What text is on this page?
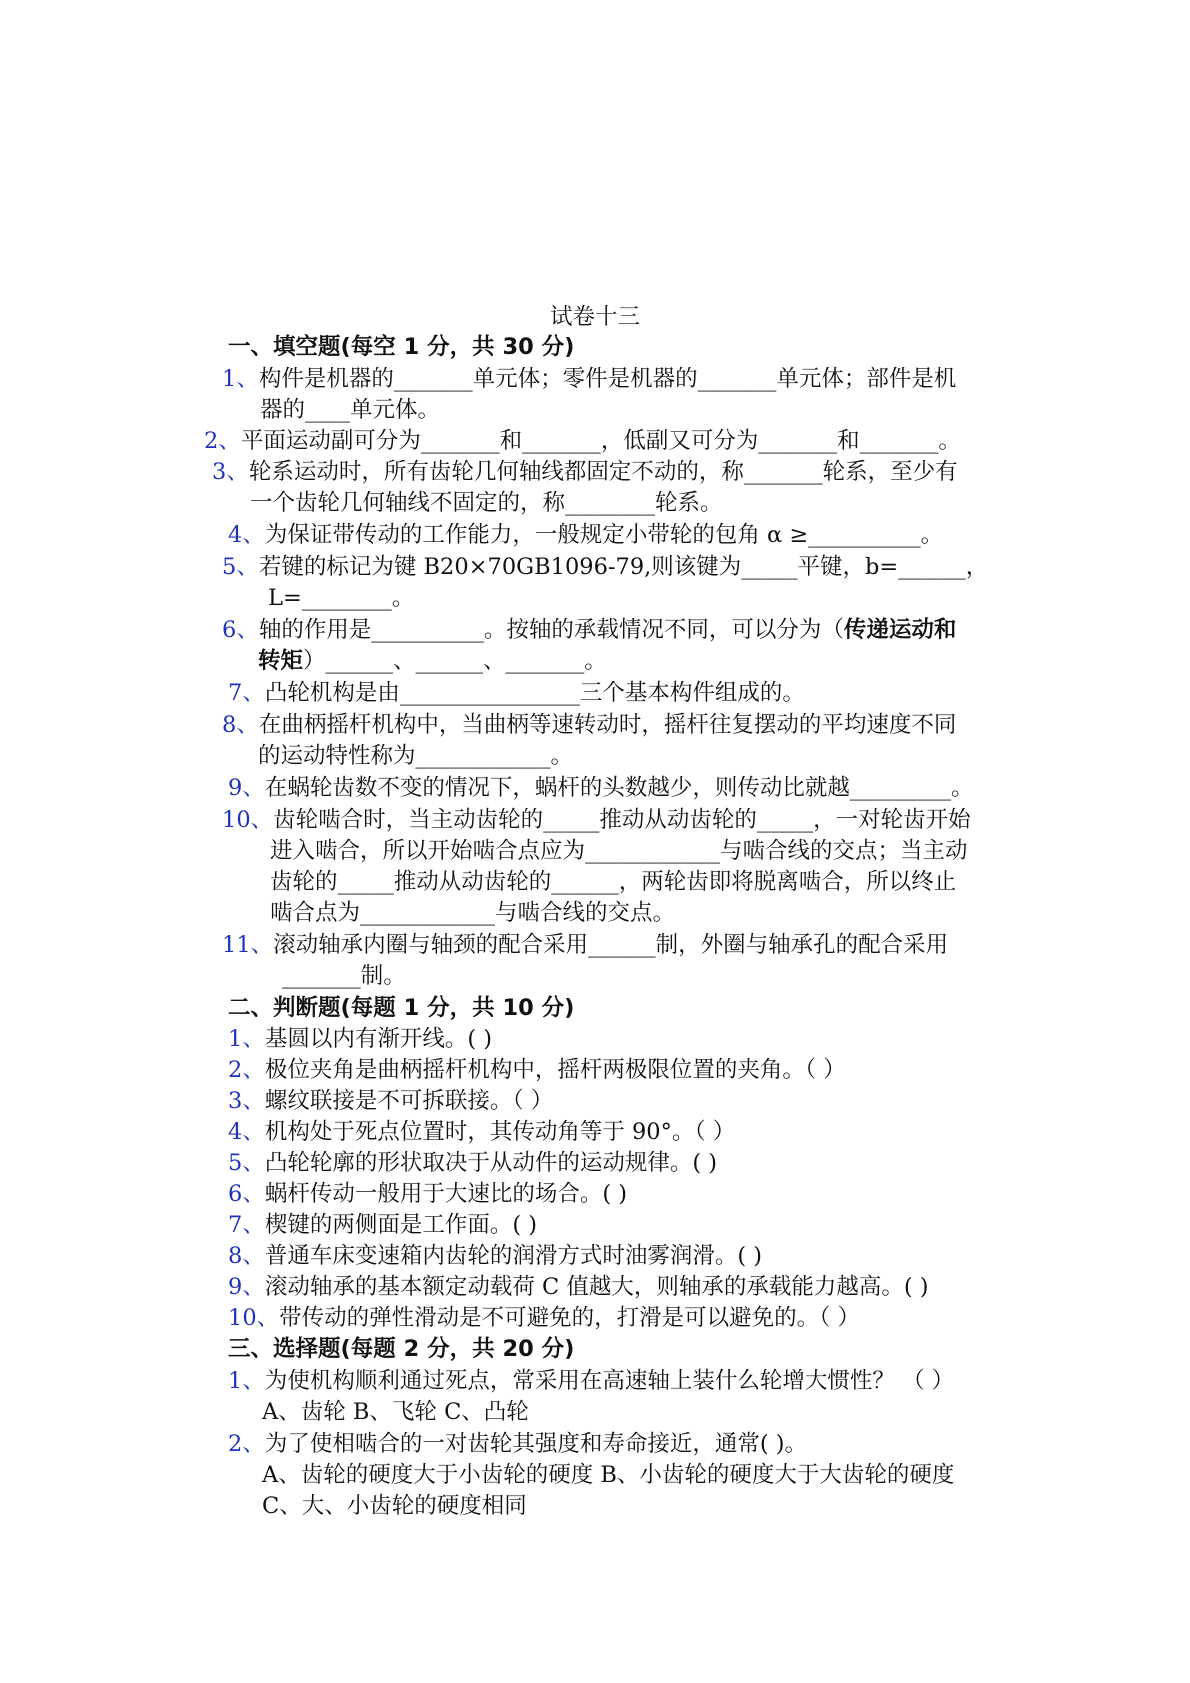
试卷十三
一、填空题(每空 1 分，共 30 分)
1、构件是机器的_______单元体；零件是机器的_______单元体；部件是机
器的____单元体。
2、平面运动副可分为_______和_______，低副又可分为_______和_______。
3、轮系运动时，所有齿轮几何轴线都固定不动的，称_______轮系，至少有
一个齿轮几何轴线不固定的，称________轮系。
4、为保证带传动的工作能力，一般规定小带轮的包角 α ≥__________。
5、若键的标记为键 B20×70GB1096-79,则该键为_____平键，b=______，
L=________。
6、轴的作用是__________。按轴的承载情况不同，可以分为（传递运动和
转矩）______、______、_______。
7、凸轮机构是由________________三个基本构件组成的。
8、在曲柄摇杆机构中，当曲柄等速转动时，摇杆往复摆动的平均速度不同
的运动特性称为____________。
9、在蜗轮齿数不变的情况下，蜗杆的头数越少，则传动比就越_________。
10、齿轮啮合时，当主动齿轮的_____推动从动齿轮的_____，一对轮齿开始
进入啮合，所以开始啮合点应为____________与啮合线的交点；当主动
齿轮的_____推动从动齿轮的______，两轮齿即将脱离啮合，所以终止
啮合点为____________与啮合线的交点。
11、滚动轴承内圈与轴颈的配合采用______制，外圈与轴承孔的配合采用
_______制。
二、判断题(每题 1 分，共 10 分)
1、基圆以内有渐开线。( )
2、极位夹角是曲柄摇杆机构中，摇杆两极限位置的夹角。（ ）
3、螺纹联接是不可拆联接。（ ）
4、机构处于死点位置时，其传动角等于 90°。（ ）
5、凸轮轮廓的形状取决于从动件的运动规律。( )
6、蜗杆传动一般用于大速比的场合。( )
7、楔键的两侧面是工作面。( )
8、普通车床变速箱内齿轮的润滑方式时油雾润滑。( )
9、滚动轴承的基本额定动载荷 C 值越大，则轴承的承载能力越高。( )
10、带传动的弹性滑动是不可避免的，打滑是可以避免的。（ ）
三、选择题(每题 2 分，共 20 分)
1、为使机构顺利通过死点，常采用在高速轴上装什么轮增大惯性？ （ ）
A、齿轮 B、飞轮 C、凸轮
2、为了使相啮合的一对齿轮其强度和寿命接近，通常( )。
A、齿轮的硬度大于小齿轮的硬度 B、小齿轮的硬度大于大齿轮的硬度
C、大、小齿轮的硬度相同
